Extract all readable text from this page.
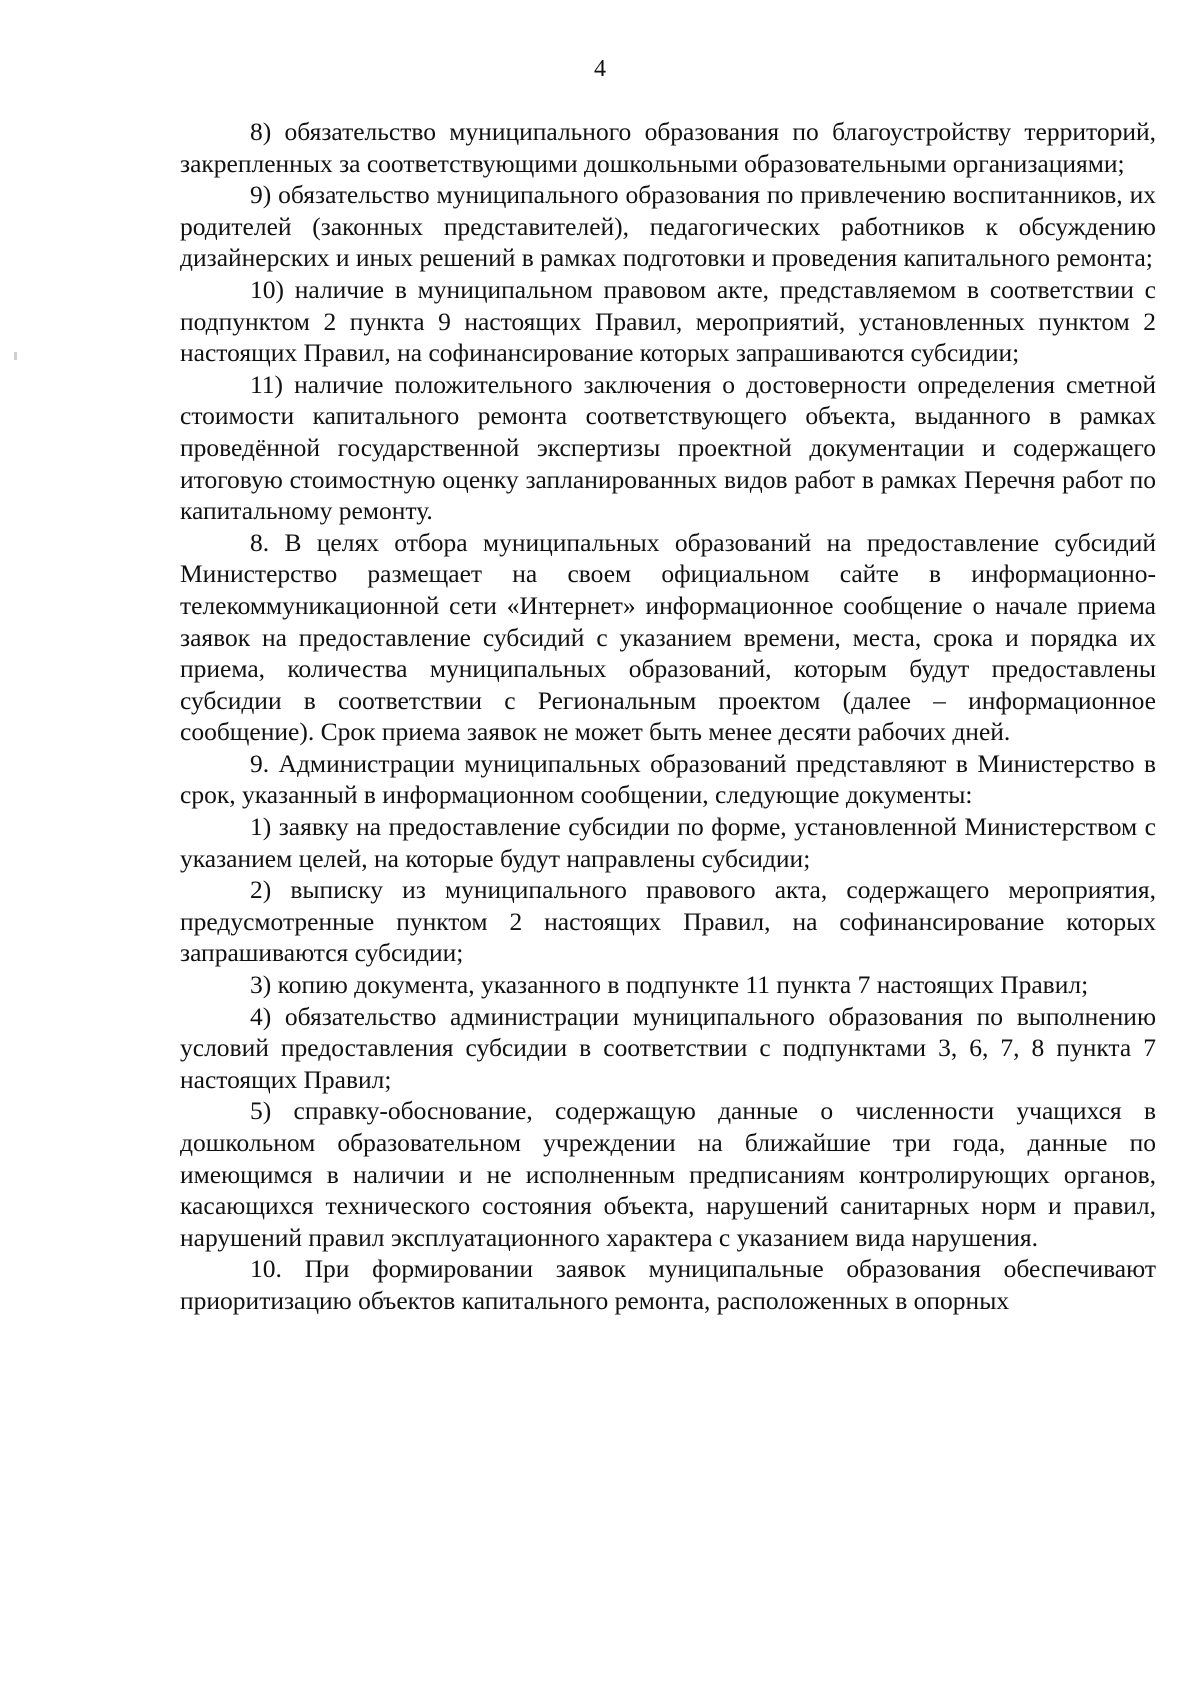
4

8) обязательство муниципального образования по благоустройству территорий, закрепленных за соответствующими дошкольными образовательными организациями;

9) обязательство муниципального образования по привлечению воспитанников, их родителей (законных представителей), педагогических работников к обсуждению дизайнерских и иных решений в рамках подготовки и проведения капитального ремонта;

10) наличие в муниципальном правовом акте, представляемом в соответствии с подпунктом 2 пункта 9 настоящих Правил, мероприятий, установленных пунктом 2 настоящих Правил, на софинансирование которых запрашиваются субсидии;

11) наличие положительного заключения о достоверности определения сметной стоимости капитального ремонта соответствующего объекта, выданного в рамках проведённой государственной экспертизы проектной документации и содержащего итоговую стоимостную оценку запланированных видов работ в рамках Перечня работ по капитальному ремонту.

8. В целях отбора муниципальных образований на предоставление субсидий Министерство размещает на своем официальном сайте в информационно-телекоммуникационной сети «Интернет» информационное сообщение о начале приема заявок на предоставление субсидий с указанием времени, места, срока и порядка их приема, количества муниципальных образований, которым будут предоставлены субсидии в соответствии с Региональным проектом (далее – информационное сообщение). Срок приема заявок не может быть менее десяти рабочих дней.

9. Администрации муниципальных образований представляют в Министерство в срок, указанный в информационном сообщении, следующие документы:

1) заявку на предоставление субсидии по форме, установленной Министерством с указанием целей, на которые будут направлены субсидии;

2) выписку из муниципального правового акта, содержащего мероприятия, предусмотренные пунктом 2 настоящих Правил, на софинансирование которых запрашиваются субсидии;

3) копию документа, указанного в подпункте 11 пункта 7 настоящих Правил;

4) обязательство администрации муниципального образования по выполнению условий предоставления субсидии в соответствии с подпунктами 3, 6, 7, 8 пункта 7 настоящих Правил;

5) справку-обоснование, содержащую данные о численности учащихся в дошкольном образовательном учреждении на ближайшие три года, данные по имеющимся в наличии и не исполненным предписаниям контролирующих органов, касающихся технического состояния объекта, нарушений санитарных норм и правил, нарушений правил эксплуатационного характера с указанием вида нарушения.

10. При формировании заявок муниципальные образования обеспечивают приоритизацию объектов капитального ремонта, расположенных в опорных
